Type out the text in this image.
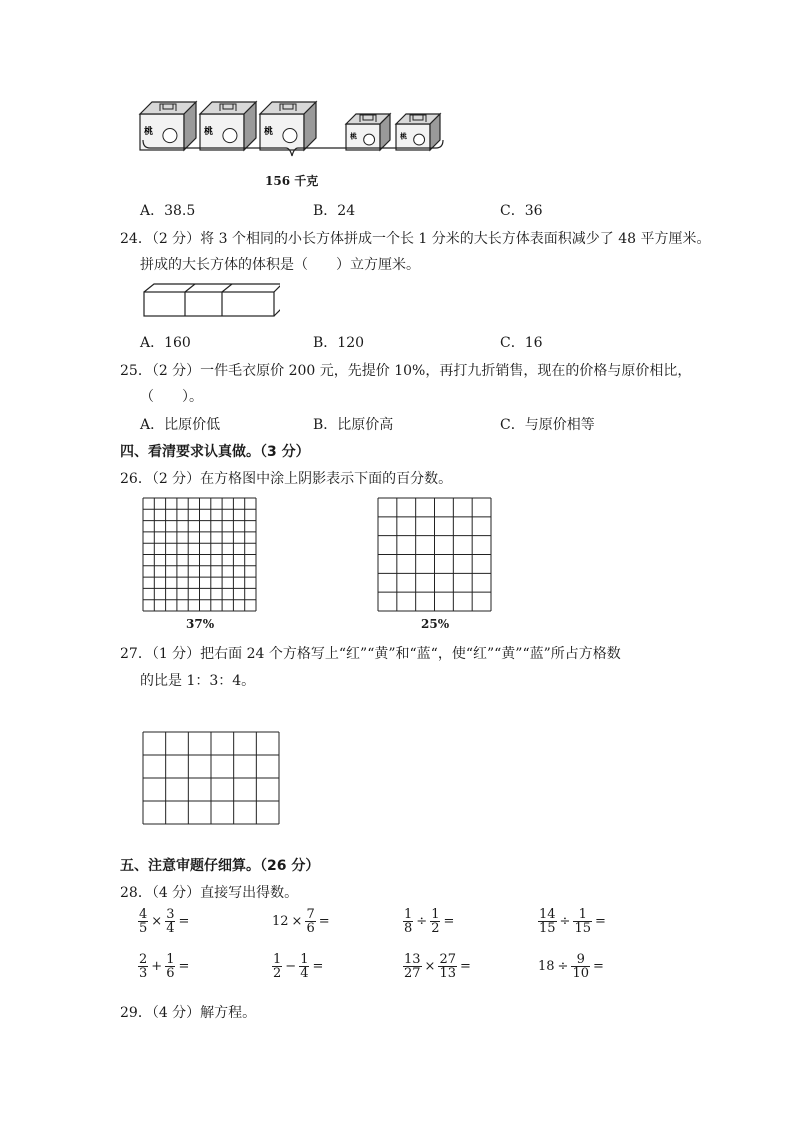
桃	桃	桃	桃	桃
156 千克
A．38.5	B．24	C．36
24．（2 分）将 3 个相同的小长方体拼成一个长 1 分米的大长方体表面积减少了 48 平方厘米。
拼成的大长方体的体积是（　　）立方厘米。
A．160	B．120	C．16
25．（2 分）一件毛衣原价 200 元，先提价 10%，再打九折销售，现在的价格与原价相比，
（　　）。
A．比原价低	B．比原价高	C．与原价相等
四、看清要求认真做。（3 分）
26．（2 分）在方格图中涂上阴影表示下面的百分数。
37%	25%
27．（1 分）把右面 24 个方格写上“红”“黄”和“蓝“，使“红”“黄”“蓝”所占方格数
的比是 1：3：4。
五、注意审题仔细算。（26 分）
28．（4 分）直接写出得数。
29．（4 分）解方程。
$\frac{4}{5} \times \frac{3}{4}$ =	$12 \times \frac{7}{6}$ =	$\frac{1}{8} \div \frac{1}{2}$ =	$\frac{14}{15} \div \frac{1}{15}$ =
$\frac{2}{3} + \frac{1}{6}$ =	$\frac{1}{2} - \frac{1}{4}$ =	$\frac{13}{27} \times \frac{27}{13}$ =	$18 \div \frac{9}{10}$ =
